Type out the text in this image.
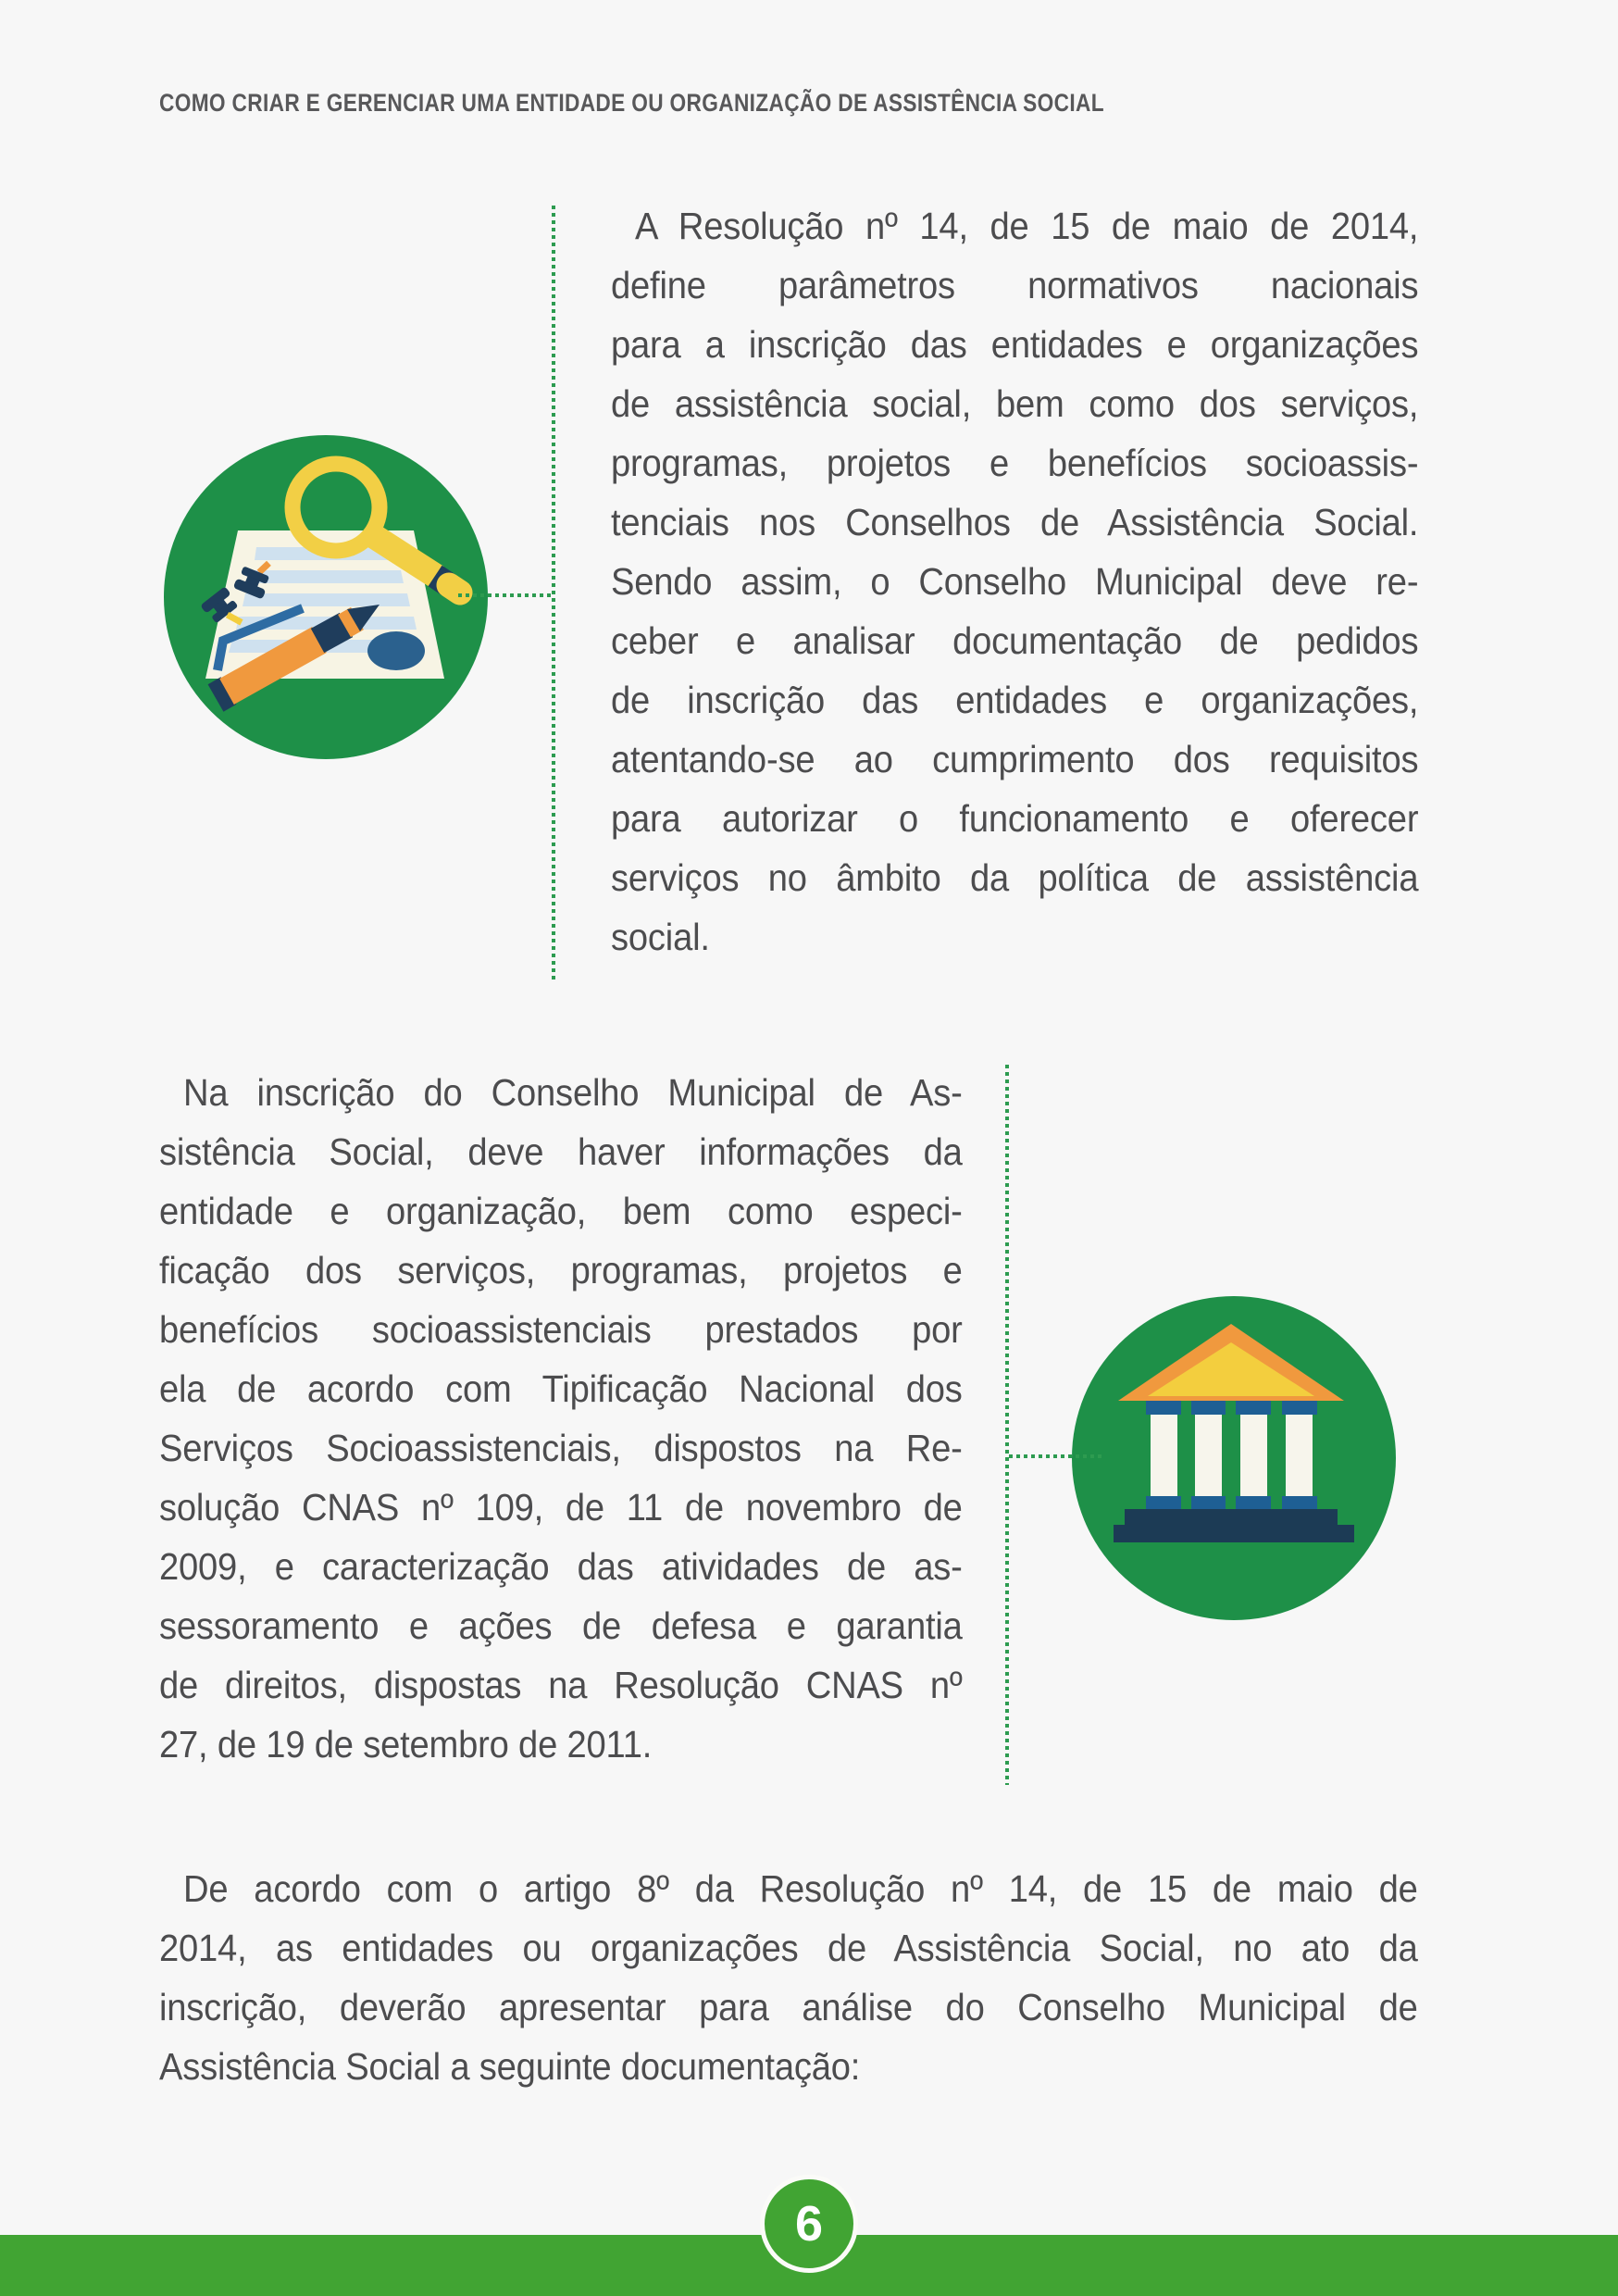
COMO CRIAR E GERENCIAR UMA ENTIDADE OU ORGANIZAÇÃO DE ASSISTÊNCIA SOCIAL
A Resolução nº 14, de 15 de maio de 2014,
define parâmetros normativos nacionais
para a inscrição das entidades e organizações
de assistência social, bem como dos serviços,
programas, projetos e benefícios socioassis-
tenciais nos Conselhos de Assistência Social.
Sendo assim, o Conselho Municipal deve re-
ceber e analisar documentação de pedidos
de inscrição das entidades e organizações,
atentando-se ao cumprimento dos requisitos
para autorizar o funcionamento e oferecer
serviços no âmbito da política de assistência
social.
Na inscrição do Conselho Municipal de As-
sistência Social, deve haver informações da
entidade e organização, bem como especi-
ficação dos serviços, programas, projetos e
benefícios socioassistenciais prestados por
ela de acordo com Tipificação Nacional dos
Serviços Socioassistenciais, dispostos na Re-
solução CNAS nº 109, de 11 de novembro de
2009, e caracterização das atividades de as-
sessoramento e ações de defesa e garantia
de direitos, dispostas na Resolução CNAS nº
27, de 19 de setembro de 2011.
De acordo com o artigo 8º da Resolução nº 14, de 15 de maio de
2014, as entidades ou organizações de Assistência Social, no ato da
inscrição, deverão apresentar para análise do Conselho Municipal de
Assistência Social a seguinte documentação:
6
